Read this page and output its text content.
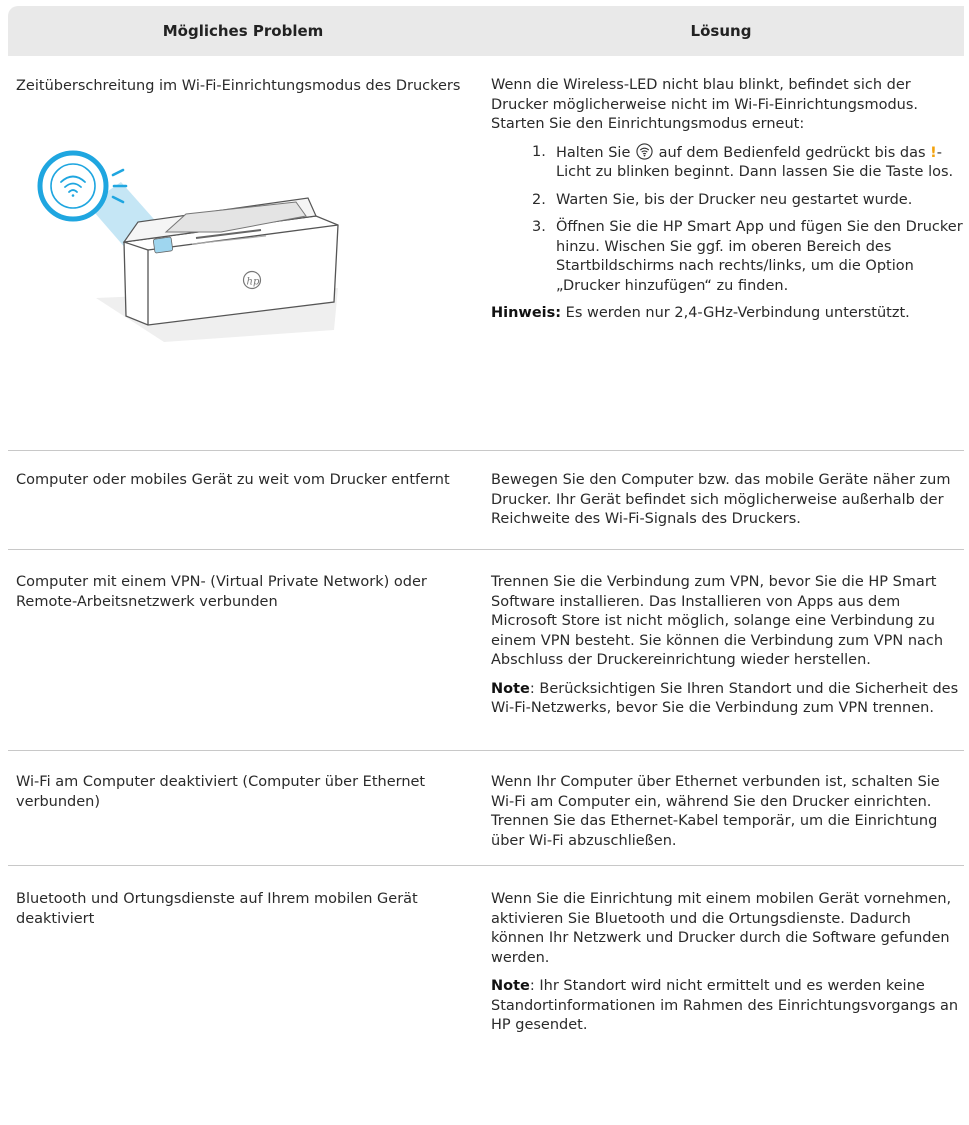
Mögliches Problem	Lösung
Zeitüberschreitung im Wi-Fi-Einrichtungsmodus des Druckers
hp

Wenn die Wireless-LED nicht blau blinkt, befindet sich der Drucker möglicherweise nicht im Wi-Fi-Einrichtungsmodus. Starten Sie den Einrichtungsmodus erneut:

1. Halten Sie auf dem Bedienfeld gedrückt bis das !-Licht zu blinken beginnt. Dann lassen Sie die Taste los.
2. Warten Sie, bis der Drucker neu gestartet wurde.
3. Öffnen Sie die HP Smart App und fügen Sie den Drucker hinzu. Wischen Sie ggf. im oberen Bereich des Startbildschirms nach rechts/links, um die Option „Drucker hinzufügen“ zu finden.

Hinweis: Es werden nur 2,4-GHz-Verbindung unterstützt.

Computer oder mobiles Gerät zu weit vom Drucker entfernt	Bewegen Sie den Computer bzw. das mobile Geräte näher zum Drucker. Ihr Gerät befindet sich möglicherweise außerhalb der Reichweite des Wi-Fi-Signals des Druckers.
Computer mit einem VPN- (Virtual Private Network) oder Remote-Arbeitsnetzwerk verbunden

Trennen Sie die Verbindung zum VPN, bevor Sie die HP Smart Software installieren. Das Installieren von Apps aus dem Microsoft Store ist nicht möglich, solange eine Verbindung zu einem VPN besteht. Sie können die Verbindung zum VPN nach Abschluss der Druckereinrichtung wieder herstellen.

Note: Berücksichtigen Sie Ihren Standort und die Sicherheit des Wi-Fi-Netzwerks, bevor Sie die Verbindung zum VPN trennen.

Wi-Fi am Computer deaktiviert (Computer über Ethernet verbunden)
Wenn Ihr Computer über Ethernet verbunden ist, schalten Sie Wi-Fi am Computer ein, während Sie den Drucker einrichten. Trennen Sie das Ethernet-Kabel temporär, um die Einrichtung über Wi-Fi abzuschließen.
Bluetooth und Ortungsdienste auf Ihrem mobilen Gerät deaktiviert

Wenn Sie die Einrichtung mit einem mobilen Gerät vornehmen, aktivieren Sie Bluetooth und die Ortungsdienste. Dadurch können Ihr Netzwerk und Drucker durch die Software gefunden werden.

Note: Ihr Standort wird nicht ermittelt und es werden keine Standortinformationen im Rahmen des Einrichtungsvorgangs an HP gesendet.
